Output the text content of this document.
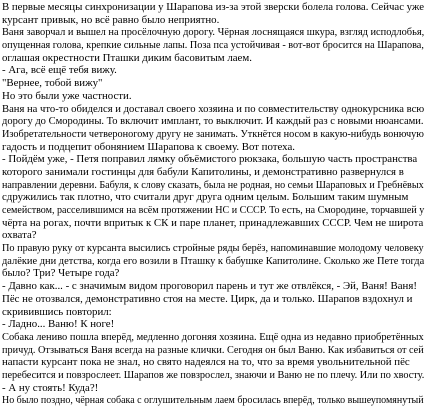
В первые месяцы синхронизации у Шарапова из-за этой зверски болела голова. Сейчас уже
курсант привык, но всё равно было неприятно.
Ваня заворчал и вышел на просёлочную дорогу. Чёрная лоснящаяся шкура, взгляд исподлобья,
опущенная голова, крепкие сильные лапы. Поза пса устойчивая - вот-вот бросится на Шарапова,
оглашая окрестности Пташки диким басовитым лаем.
- Ага, всё ещё тебя вижу.
"Вернее, тобой вижу"
Но это были уже частности.
Ваня на что-то обиделся и доставал своего хозяина и по совместительству однокурсника всю
дорогу до Смородины. То включит имплант, то выключит. И каждый раз с новыми нюансами.
Изобретательности четвероногому другу не занимать. Уткнётся носом в какую-нибудь вонючую
гадость и подцепит обонянием Шарапова к своему. Вот потеха.
- Пойдём уже, - Петя поправил лямку объёмистого рюкзака, большую часть пространства
которого занимали гостинцы для бабули Капитолины, и демонстративно развернулся в
направлении деревни. Бабуля, к слову сказать, была не родная, но семьи Шараповых и Гребнёвых
сдружились так плотно, что считали друг друга одним целым. Большим таким шумным
семейством, расселившимся на всём протяжении НС и СССР. То есть, на Смородине, торчавшей у
чёрта на рогах, почти впритык к СК и паре планет, принадлежавших СССР. Чем не широта
охвата?
По правую руку от курсанта высились стройные ряды берёз, напоминавшие молодому человеку
далёкие дни детства, когда его возили в Пташку к бабушке Капитолине. Сколько же Пете тогда
было? Три? Четыре года?
- Давно как... - с значимым видом проговорил парень и тут же отвлёкся, - Эй, Ваня! Ваня!
Пёс не отозвался, демонстративно стоя на месте. Цирк, да и только. Шарапов вздохнул и
скривившись повторил:
- Ладно... Ваню! К ноге!
Собака лениво пошла вперёд, медленно догоняя хозяина. Ещё одна из недавно приобретённых
причуд. Отзываться Ваня всегда на разные клички. Сегодня он был Ваню. Как избавиться от сей
напасти курсант пока не знал, но свято надеялся на то, что за время увольнительной пёс
перебесится и повзрослеет. Шарапов же повзрослел, знаючи и Ваню не по плечу. Или по хвосту.
- А ну стоять! Куда?!
Но было поздно, чёрная собака с оглушительным лаем бросилась вперёд, только вышеупомянутый
